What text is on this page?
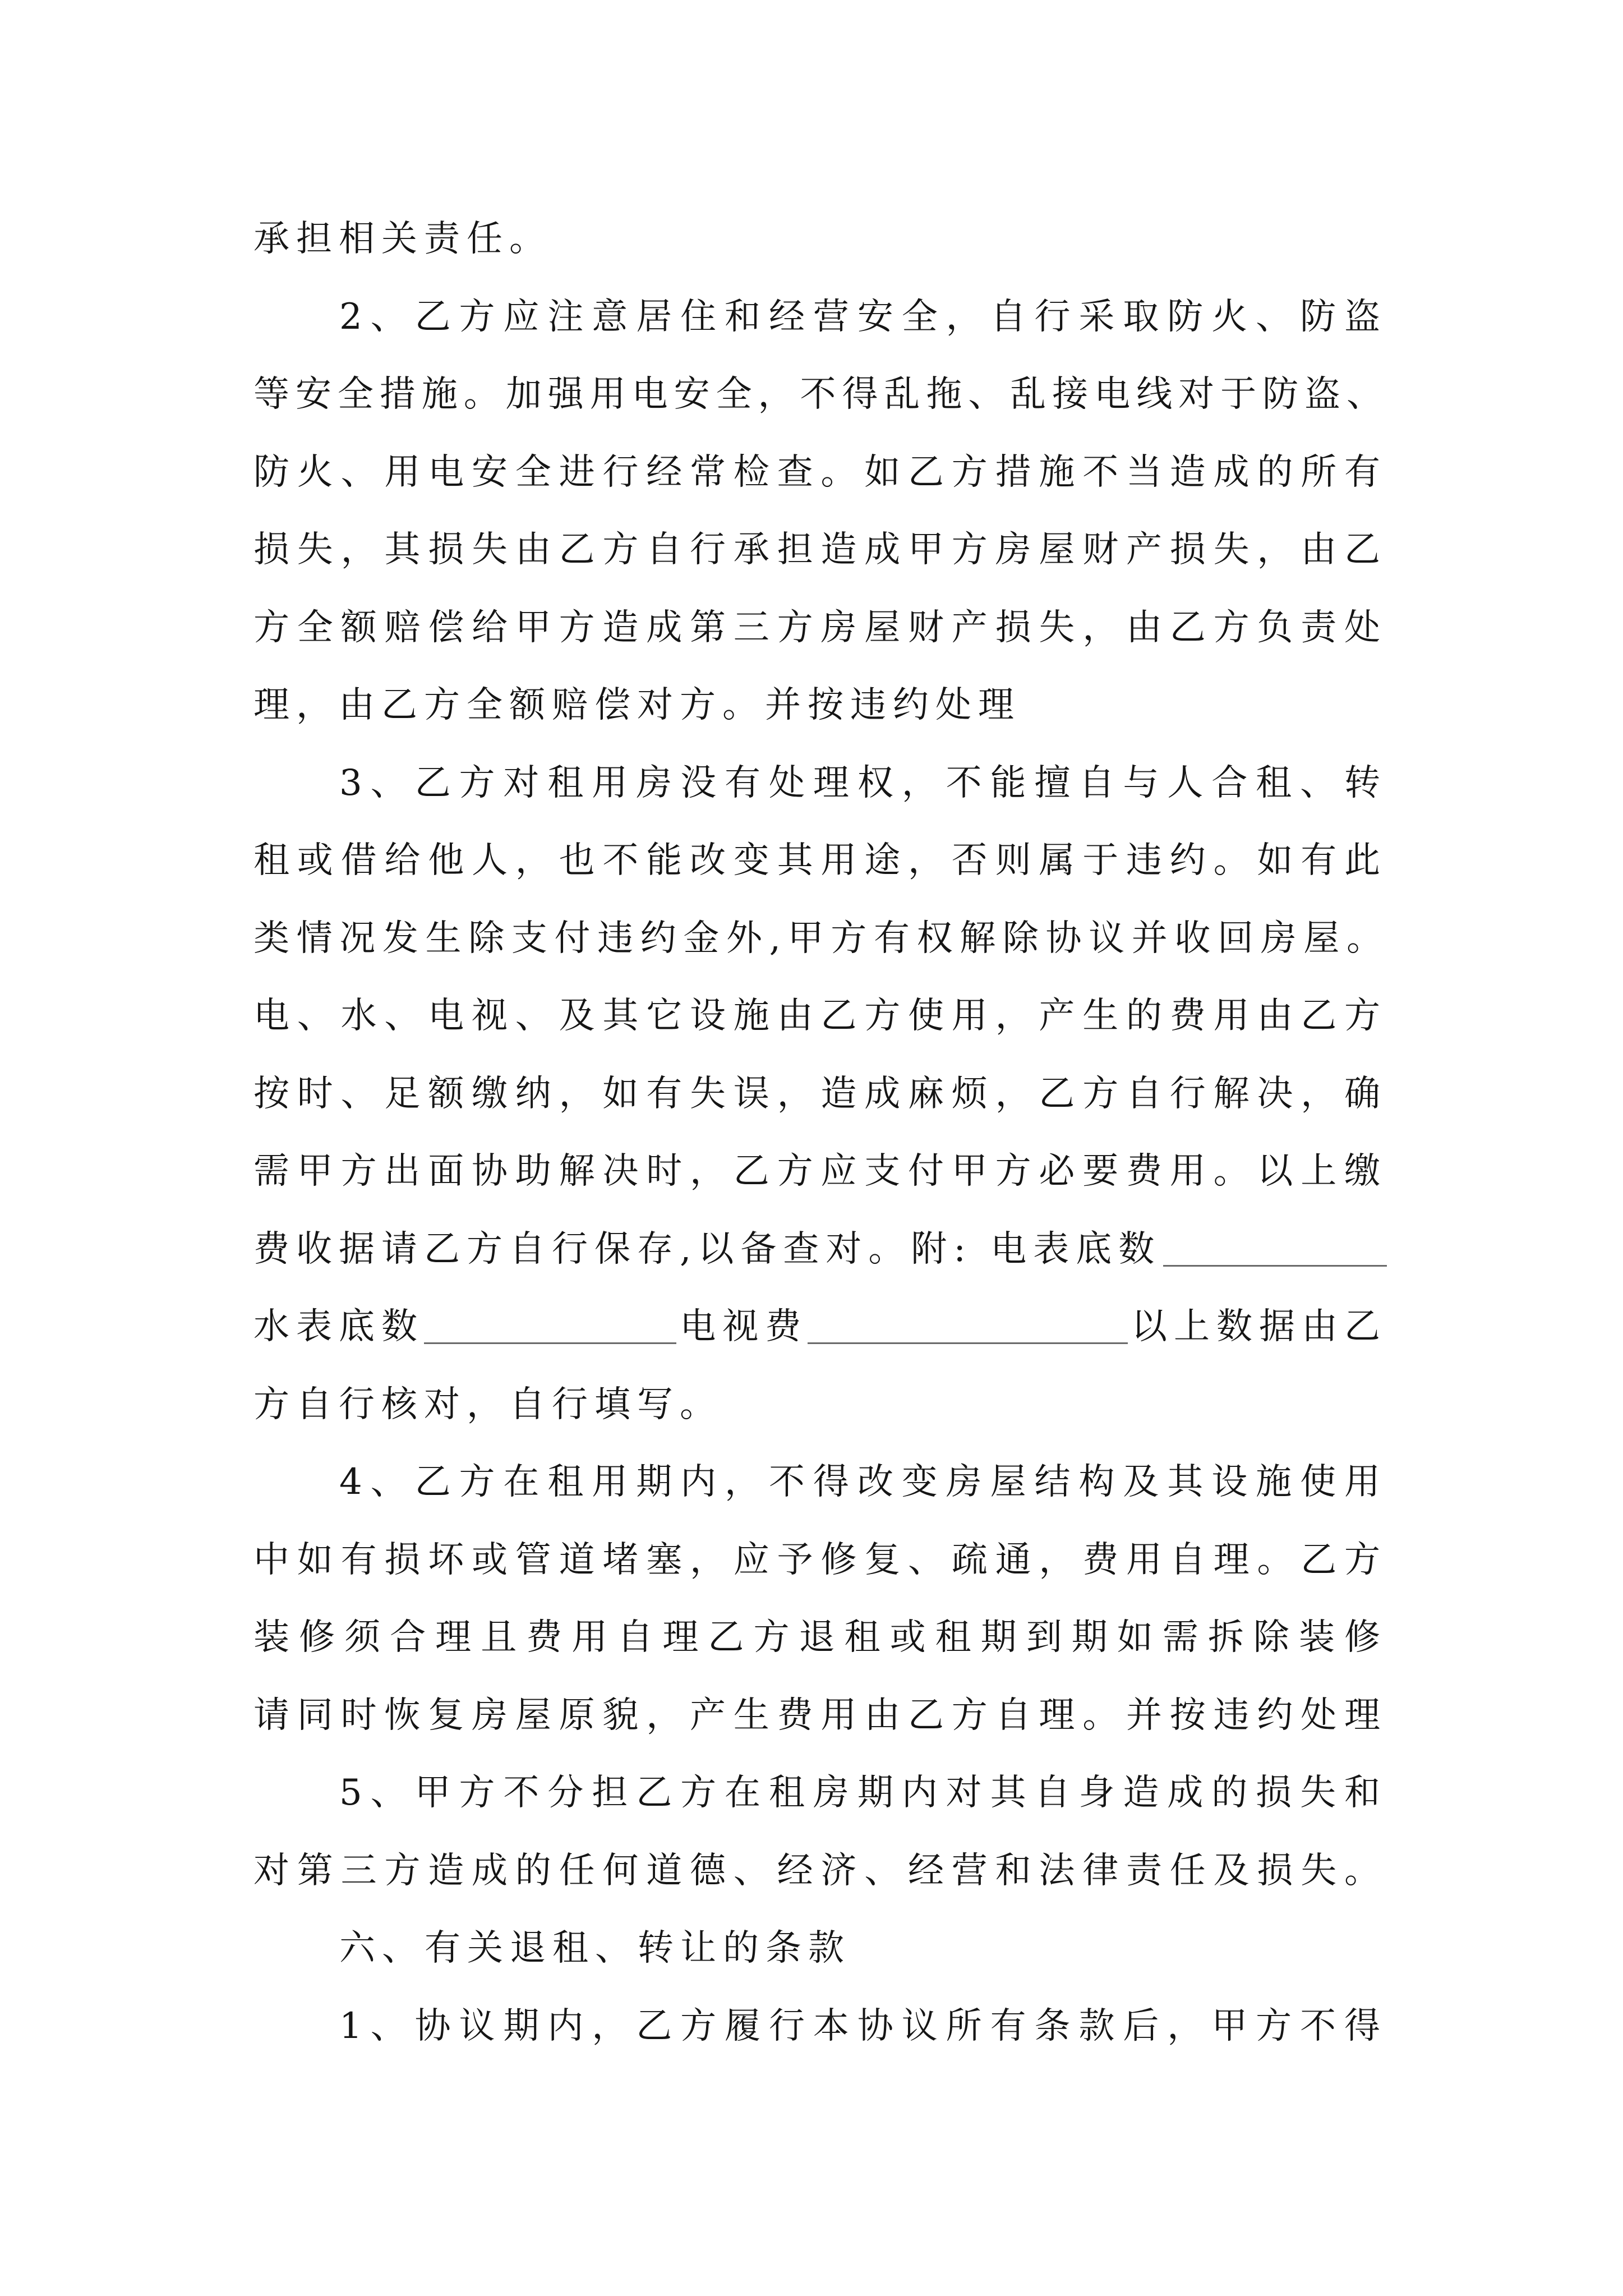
承担相关责任。
2、乙方应注意居住和经营安全，自行采取防火、防盗
等安全措施。加强用电安全，不得乱拖、乱接电线对于防盗、
防火、用电安全进行经常检查。如乙方措施不当造成的所有
损失，其损失由乙方自行承担造成甲方房屋财产损失，由乙
方全额赔偿给甲方造成第三方房屋财产损失，由乙方负责处
理，由乙方全额赔偿对方。并按违约处理
3、乙方对租用房没有处理权，不能擅自与人合租、转
租或借给他人，也不能改变其用途，否则属于违约。如有此
类情况发生除支付违约金外,甲方有权解除协议并收回房屋。
电、水、电视、及其它设施由乙方使用，产生的费用由乙方
按时、足额缴纳，如有失误，造成麻烦，乙方自行解决，确
需甲方出面协助解决时，乙方应支付甲方必要费用。以上缴
费收据请乙方自行保存,以备查对。附: 电表底数
水表底数	电视费	以上数据由乙
方自行核对，自行填写。
4、乙方在租用期内，不得改变房屋结构及其设施使用
中如有损坏或管道堵塞，应予修复、疏通，费用自理。乙方
装修须合理且费用自理乙方退租或租期到期如需拆除装修
请同时恢复房屋原貌，产生费用由乙方自理。并按违约处理
5、甲方不分担乙方在租房期内对其自身造成的损失和
对第三方造成的任何道德、经济、经营和法律责任及损失。
六、有关退租、转让的条款
1、协议期内，乙方履行本协议所有条款后，甲方不得
